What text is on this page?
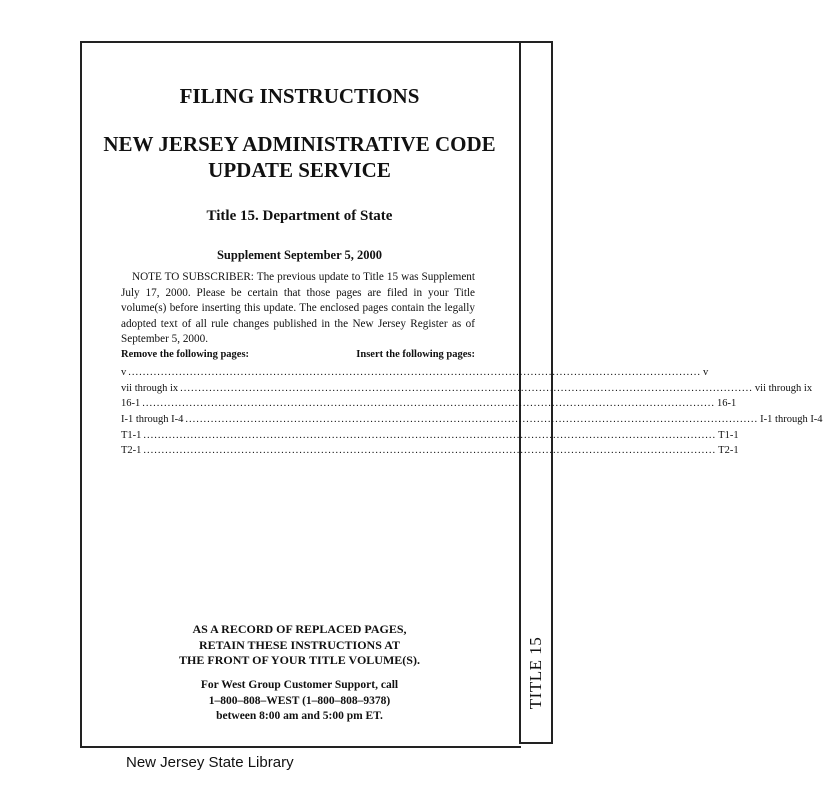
TITLE 15
FILING INSTRUCTIONS
NEW JERSEY ADMINISTRATIVE CODE
UPDATE SERVICE
Title 15. Department of State
Supplement September 5, 2000
NOTE TO SUBSCRIBER: The previous update to Title 15 was Supplement July 17, 2000. Please be certain that those pages are filed in your Title volume(s) before inserting this update. The enclosed pages contain the legally adopted text of all rule changes published in the New Jersey Register as of September 5, 2000.
Remove the following pages:	Insert the following pages:
v .............................................................................................................................................................. v
vii through ix .............................................................................................................................................................. vii through ix
16-1 .............................................................................................................................................................. 16-1
I-1 through I-4 .............................................................................................................................................................. I-1 through I-4
T1-1 .............................................................................................................................................................. T1-1
T2-1 .............................................................................................................................................................. T2-1
AS A RECORD OF REPLACED PAGES,
RETAIN THESE INSTRUCTIONS AT
THE FRONT OF YOUR TITLE VOLUME(S).
For West Group Customer Support, call
1–800–808–WEST (1–800–808–9378)
between 8:00 am and 5:00 pm ET.
New Jersey State Library
